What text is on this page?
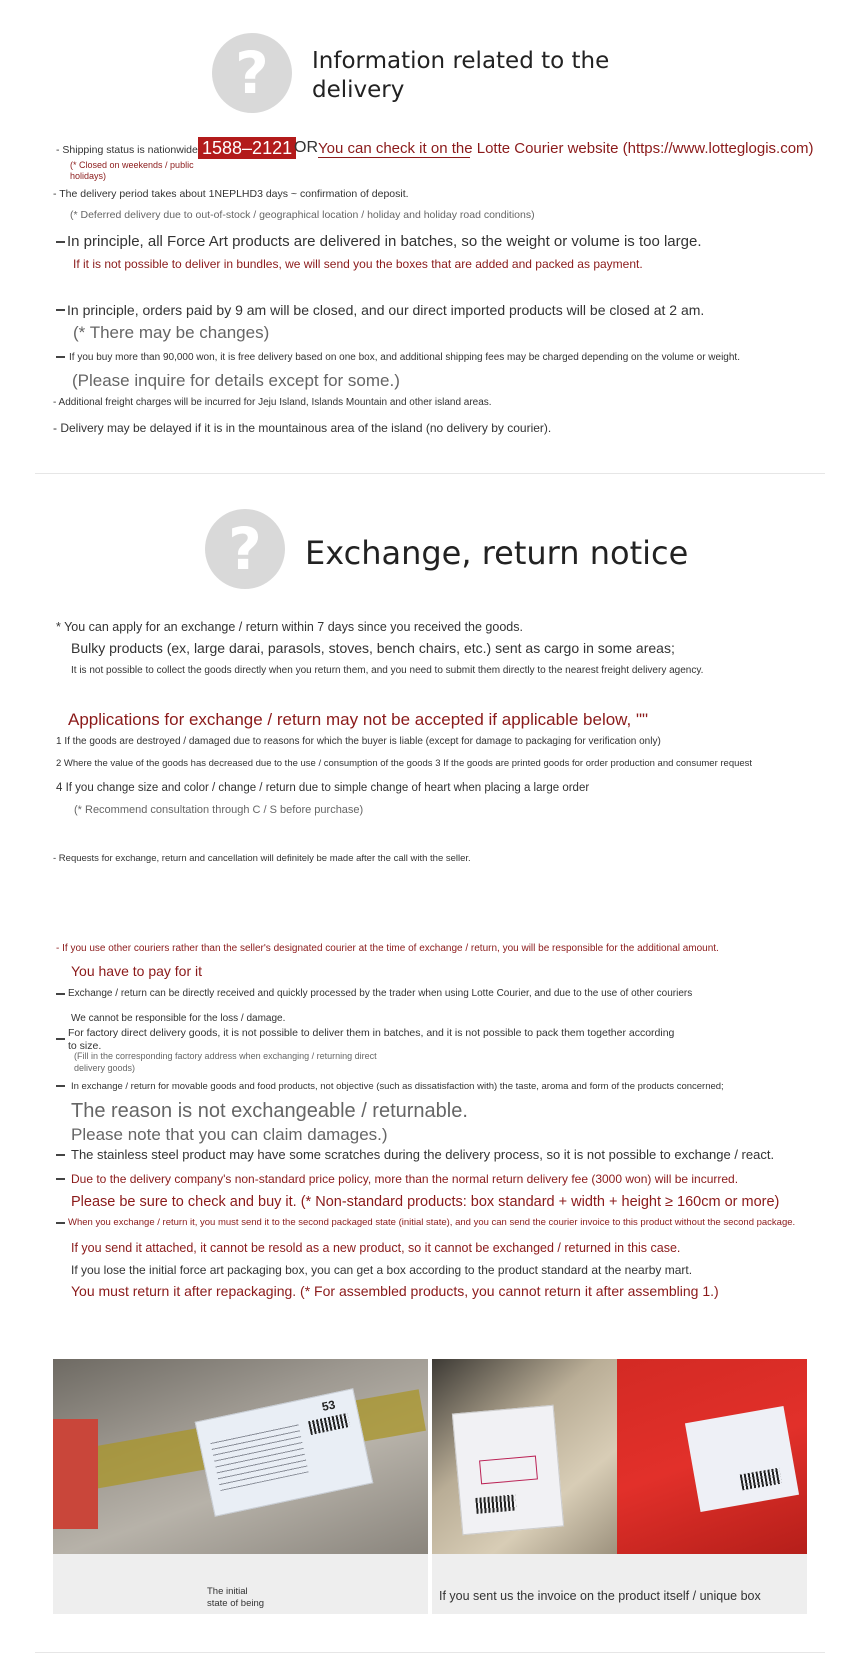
?	Information related to the
delivery
- Shipping status is nationwide 1588–2121 OR You can check it on the Lotte Courier website (https://www.lotteglogis.com)
(* Closed on weekends / public
holidays)
- The delivery period takes about 1NEPLHD3 days ~ confirmation of deposit.
(* Deferred delivery due to out-of-stock / geographical location / holiday and holiday road conditions)
In principle, all Force Art products are delivered in batches, so the weight or volume is too large.
If it is not possible to deliver in bundles, we will send you the boxes that are added and packed as payment.
In principle, orders paid by 9 am will be closed, and our direct imported products will be closed at 2 am.
(* There may be changes)
If you buy more than 90,000 won, it is free delivery based on one box, and additional shipping fees may be charged depending on the volume or weight.
(Please inquire for details except for some.)
- Additional freight charges will be incurred for Jeju Island, Islands Mountain and other island areas.
- Delivery may be delayed if it is in the mountainous area of the island (no delivery by courier).
?	Exchange, return notice
* You can apply for an exchange / return within 7 days since you received the goods.
Bulky products (ex, large darai, parasols, stoves, bench chairs, etc.) sent as cargo in some areas;
It is not possible to collect the goods directly when you return them, and you need to submit them directly to the nearest freight delivery agency.
Applications for exchange / return may not be accepted if applicable below, ""
1 If the goods are destroyed / damaged due to reasons for which the buyer is liable (except for damage to packaging for verification only)
2 Where the value of the goods has decreased due to the use / consumption of the goods 3 If the goods are printed goods for order production and consumer request
4 If you change size and color / change / return due to simple change of heart when placing a large order
(* Recommend consultation through C / S before purchase)
- Requests for exchange, return and cancellation will definitely be made after the call with the seller.
- If you use other couriers rather than the seller's designated courier at the time of exchange / return, you will be responsible for the additional amount.
You have to pay for it
Exchange / return can be directly received and quickly processed by the trader when using Lotte Courier, and due to the use of other couriers
We cannot be responsible for the loss / damage.
For factory direct delivery goods, it is not possible to deliver them in batches, and it is not possible to pack them together according
to size.
(Fill in the corresponding factory address when exchanging / returning direct
delivery goods)
In exchange / return for movable goods and food products, not objective (such as dissatisfaction with) the taste, aroma and form of the products concerned;
The reason is not exchangeable / returnable.
Please note that you can claim damages.)
The stainless steel product may have some scratches during the delivery process, so it is not possible to exchange / react.
Due to the delivery company's non-standard price policy, more than the normal return delivery fee (3000 won) will be incurred.
Please be sure to check and buy it. (* Non-standard products: box standard + width + height ≥ 160cm or more)
When you exchange / return it, you must send it to the second packaged state (initial state), and you can send the courier invoice to this product without the second package.
If you send it attached, it cannot be resold as a new product, so it cannot be exchanged / returned in this case.
If you lose the initial force art packaging box, you can get a box according to the product standard at the nearby mart.
You must return it after repackaging. (* For assembled products, you cannot return it after assembling 1.)
53
The initial
state of being
If you sent us the invoice on the product itself / unique box
